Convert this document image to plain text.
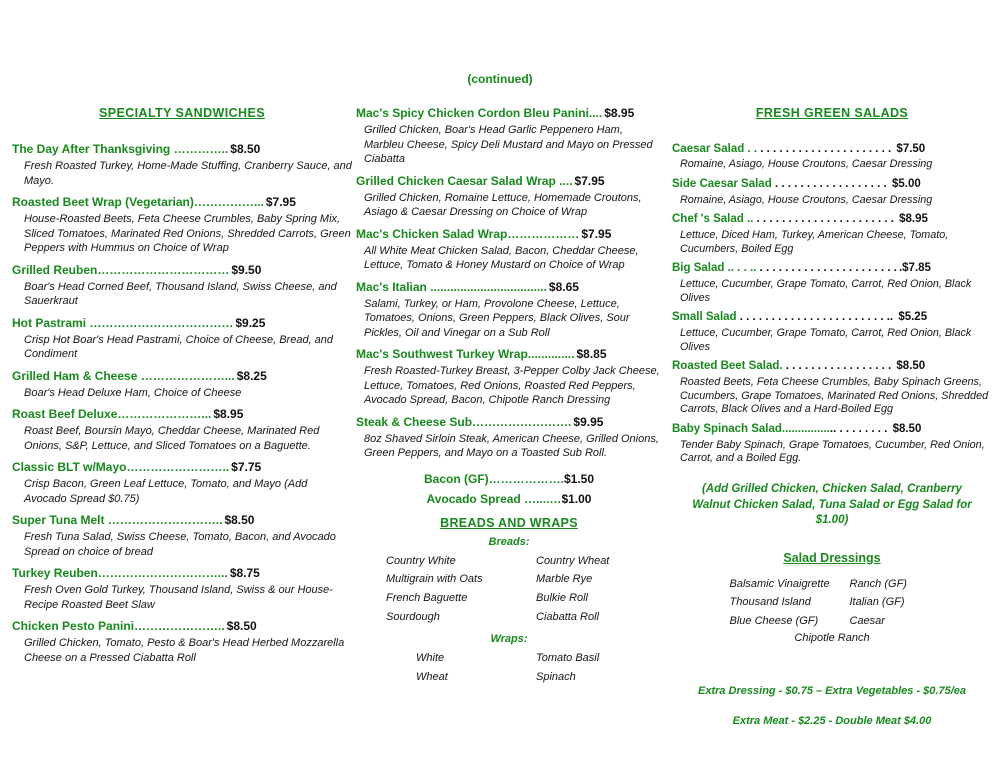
(continued)
SPECIALTY SANDWICHES
The Day After Thanksgiving ………….. $8.50
Fresh Roasted Turkey, Home-Made Stuffing, Cranberry Sauce, and Mayo.
Roasted Beet Wrap (Vegetarian)……………... $7.95
House-Roasted Beets, Feta Cheese Crumbles, Baby Spring Mix, Sliced Tomatoes, Marinated Red Onions, Shredded Carrots, Green Peppers with Hummus on Choice of Wrap
Grilled Reuben…………………………… $9.50
Boar's Head Corned Beef, Thousand Island, Swiss Cheese, and Sauerkraut
Hot Pastrami ……………………………… $9.25
Crisp Hot Boar's Head Pastrami, Choice of Cheese, Bread, and Condiment
Grilled Ham & Cheese …………………... $8.25
Boar's Head Deluxe Ham, Choice of Cheese
Roast Beef Deluxe…………………... $8.95
Roast Beef, Boursin Mayo, Cheddar Cheese, Marinated Red Onions, S&P, Lettuce, and Sliced Tomatoes on a Baguette.
Classic BLT w/Mayo…………………….. $7.75
Crisp Bacon, Green Leaf Lettuce, Tomato, and Mayo (Add Avocado Spread $0.75)
Super Tuna Melt ……………………….. $8.50
Fresh Tuna Salad, Swiss Cheese, Tomato, Bacon, and Avocado Spread on choice of bread
Turkey Reuben…………………………... $8.75
Fresh Oven Gold Turkey, Thousand Island, Swiss & our House-Recipe Roasted Beet Slaw
Chicken Pesto Panini………………….. $8.50
Grilled Chicken, Tomato, Pesto & Boar's Head Herbed Mozzarella Cheese on a Pressed Ciabatta Roll
Mac's Spicy Chicken Cordon Bleu Panini.... $8.95
Grilled Chicken, Boar's Head Garlic Peppenero Ham, Marbleu Cheese, Spicy Deli Mustard and Mayo on Pressed Ciabatta
Grilled Chicken Caesar Salad Wrap .... $7.95
Grilled Chicken, Romaine Lettuce, Homemade Croutons, Asiago & Caesar Dressing on Choice of Wrap
Mac's Chicken Salad Wrap……………… $7.95
All White Meat Chicken Salad, Bacon, Cheddar Cheese, Lettuce, Tomato & Honey Mustard on Choice of Wrap
Mac's Italian ................................... $8.65
Salami, Turkey, or Ham, Provolone Cheese, Lettuce, Tomatoes, Onions, Green Peppers, Black Olives, Sour Pickles, Oil and Vinegar on a Sub Roll
Mac's Southwest Turkey Wrap.............. $8.85
Fresh Roasted-Turkey Breast, 3-Pepper Colby Jack Cheese, Lettuce, Tomatoes, Red Onions, Roasted Red Peppers, Avocado Spread, Bacon, Chipotle Ranch Dressing
Steak & Cheese Sub……………………. $9.95
8oz Shaved Sirloin Steak, American Cheese, Grilled Onions, Green Peppers, and Mayo on a Toasted Sub Roll.
Bacon (GF)……………….$1.50
Avocado Spread …....…$1.00
BREADS AND WRAPS
Breads:
Country White
Multigrain with Oats
French Baguette
Sourdough
Country Wheat
Marble Rye
Bulkie Roll
Ciabatta Roll
Wraps:
White
Wheat
Tomato Basil
Spinach
FRESH GREEN SALADS
Caesar Salad . . . . . . . . . . . . . . . . . . . . . . . $7.50
Romaine, Asiago, House Croutons, Caesar Dressing
Side Caesar Salad . . . . . . . . . . . . . . . . . . $5.00
Romaine, Asiago, House Croutons, Caesar Dressing
Chef 's Salad .. . . . . . . . . . . . . . . . . . . . . . . $8.95
Lettuce, Diced Ham, Turkey, American Cheese, Tomato, Cucumbers, Boiled Egg
Big Salad .. . . .. . . . . . . . . . . . . . . . . . . . . . . .$7.85
Lettuce, Cucumber, Grape Tomato, Carrot, Red Onion, Black Olives
Small Salad . . . . . . . . . . . . . . . . . . . . . . . .. $5.25
Lettuce, Cucumber, Grape Tomato, Carrot, Red Onion, Black Olives
Roasted Beet Salad. . . . . . . . . . . . . . . . . . $8.50
Roasted Beets, Feta Cheese Crumbles, Baby Spinach Greens, Cucumbers, Grape Tomatoes, Marinated Red Onions, Shredded Carrots, Black Olives and a Hard-Boiled Egg
Baby Spinach Salad................. . . . . . . . . $8.50
Tender Baby Spinach, Grape Tomatoes, Cucumber, Red Onion, Carrot, and a Boiled Egg.
(Add Grilled Chicken, Chicken Salad, Cranberry Walnut Chicken Salad, Tuna Salad or Egg Salad for $1.00)
Salad Dressings
Balsamic Vinaigrette
Thousand Island
Blue Cheese (GF)
Ranch (GF)
Italian (GF)
Caesar
Chipotle Ranch
Extra Dressing - $0.75 – Extra Vegetables - $0.75/ea
Extra Meat - $2.25 - Double Meat $4.00
